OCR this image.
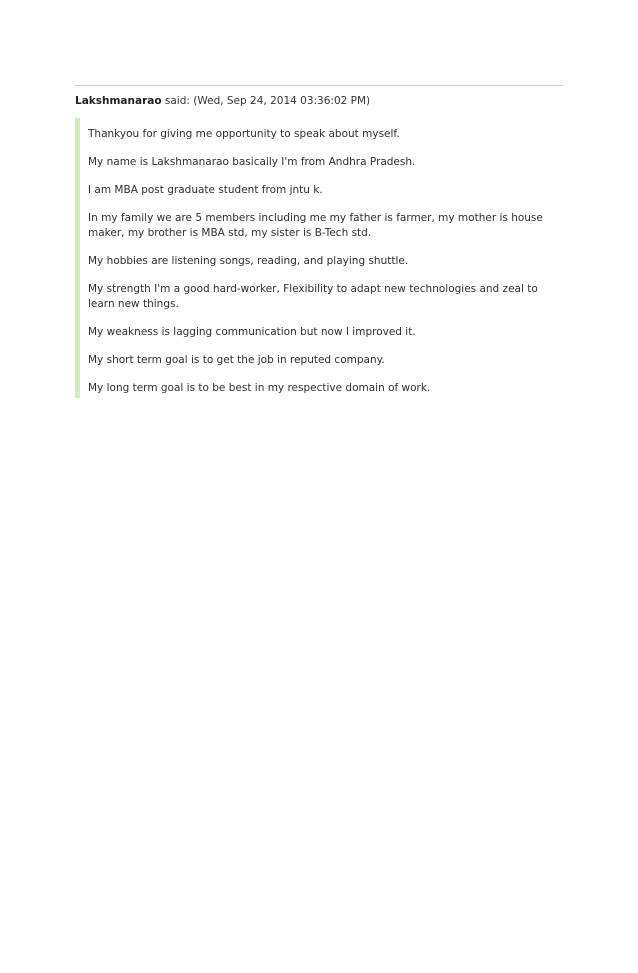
Lakshmanarao said: (Wed, Sep 24, 2014 03:36:02 PM)

Thankyou for giving me opportunity to speak about myself.

My name is Lakshmanarao basically I'm from Andhra Pradesh.

I am MBA post graduate student from jntu k.

In my family we are 5 members including me my father is farmer, my mother is house maker, my brother is MBA std, my sister is B-Tech std.

My hobbies are listening songs, reading, and playing shuttle.

My strength I'm a good hard-worker, Flexibility to adapt new technologies and zeal to learn new things.

My weakness is lagging communication but now I improved it.

My short term goal is to get the job in reputed company.

My long term goal is to be best in my respective domain of work.
